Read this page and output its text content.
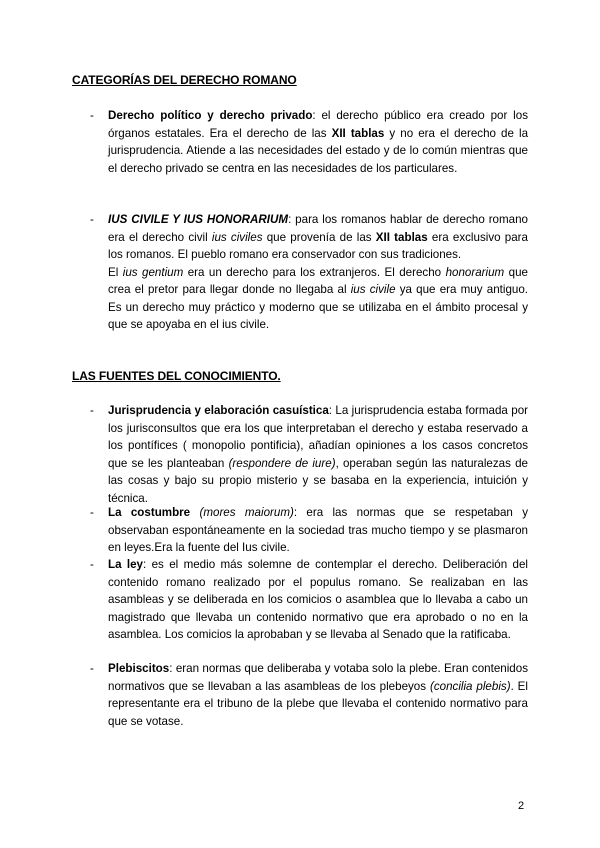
CATEGORÍAS DEL DERECHO ROMANO
- Derecho político y derecho privado: el derecho público era creado por los órganos estatales. Era el derecho de las XII tablas y no era el derecho de la jurisprudencia. Atiende a las necesidades del estado y de lo común mientras que el derecho privado se centra en las necesidades de los particulares.

- IUS CIVILE Y IUS HONORARIUM: para los romanos hablar de derecho romano era el derecho civil ius civiles que provenía de las XII tablas era exclusivo para los romanos. El pueblo romano era conservador con sus tradiciones.

El ius gentium era un derecho para los extranjeros. El derecho honorarium que crea el pretor para llegar donde no llegaba al ius civile ya que era muy antiguo. Es un derecho muy práctico y moderno que se utilizaba en el ámbito procesal y que se apoyaba en el ius civile.

LAS FUENTES DEL CONOCIMIENTO.
- Jurisprudencia y elaboración casuística: La jurisprudencia estaba formada por los jurisconsultos que era los que interpretaban el derecho y estaba reservado a los pontífices ( monopolio pontificia), añadían opiniones a los casos concretos que se les planteaban (respondere de iure), operaban según las naturalezas de las cosas y bajo su propio misterio y se basaba en la experiencia, intuición y técnica.

- La costumbre (mores maiorum): era las normas que se respetaban y observaban espontáneamente en la sociedad tras mucho tiempo y se plasmaron en leyes.Era la fuente del Ius civile.

- La ley: es el medio más solemne de contemplar el derecho. Deliberación del contenido romano realizado por el populus romano. Se realizaban en las asambleas y se deliberada en los comicios o asamblea que lo llevaba a cabo un magistrado que llevaba un contenido normativo que era aprobado o no en la asamblea. Los comicios la aprobaban y se llevaba al Senado que la ratificaba.

- Plebiscitos: eran normas que deliberaba y votaba solo la plebe. Eran contenidos normativos que se llevaban a las asambleas de los plebeyos (concilia plebis). El representante era el tribuno de la plebe que llevaba el contenido normativo para que se votase.

2
